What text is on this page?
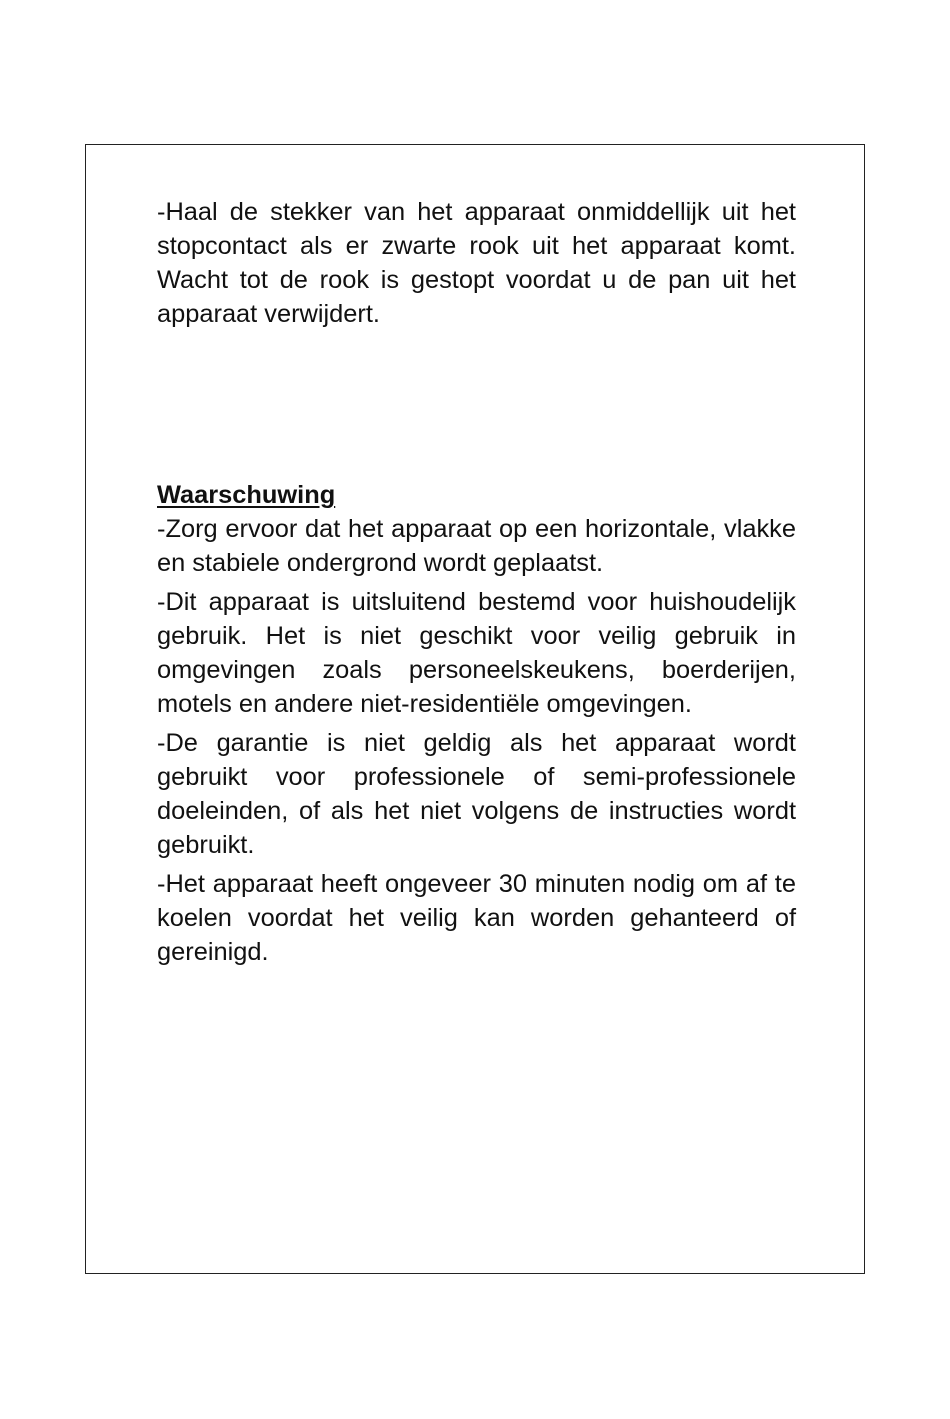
-Haal de stekker van het apparaat onmiddellijk uit het stopcontact als er zwarte rook uit het apparaat komt. Wacht tot de rook is gestopt voordat u de pan uit het apparaat verwijdert.

Waarschuwing

-Zorg ervoor dat het apparaat op een horizontale, vlakke en stabiele ondergrond wordt geplaatst.

-Dit apparaat is uitsluitend bestemd voor huishoudelijk gebruik. Het is niet geschikt voor veilig gebruik in omgevingen zoals personeelskeukens, boerderijen, motels en andere niet-residentiële omgevingen.

-De garantie is niet geldig als het apparaat wordt gebruikt voor professionele of semi-professionele doeleinden, of als het niet volgens de instructies wordt gebruikt.

-Het apparaat heeft ongeveer 30 minuten nodig om af te koelen voordat het veilig kan worden gehanteerd of gereinigd.
